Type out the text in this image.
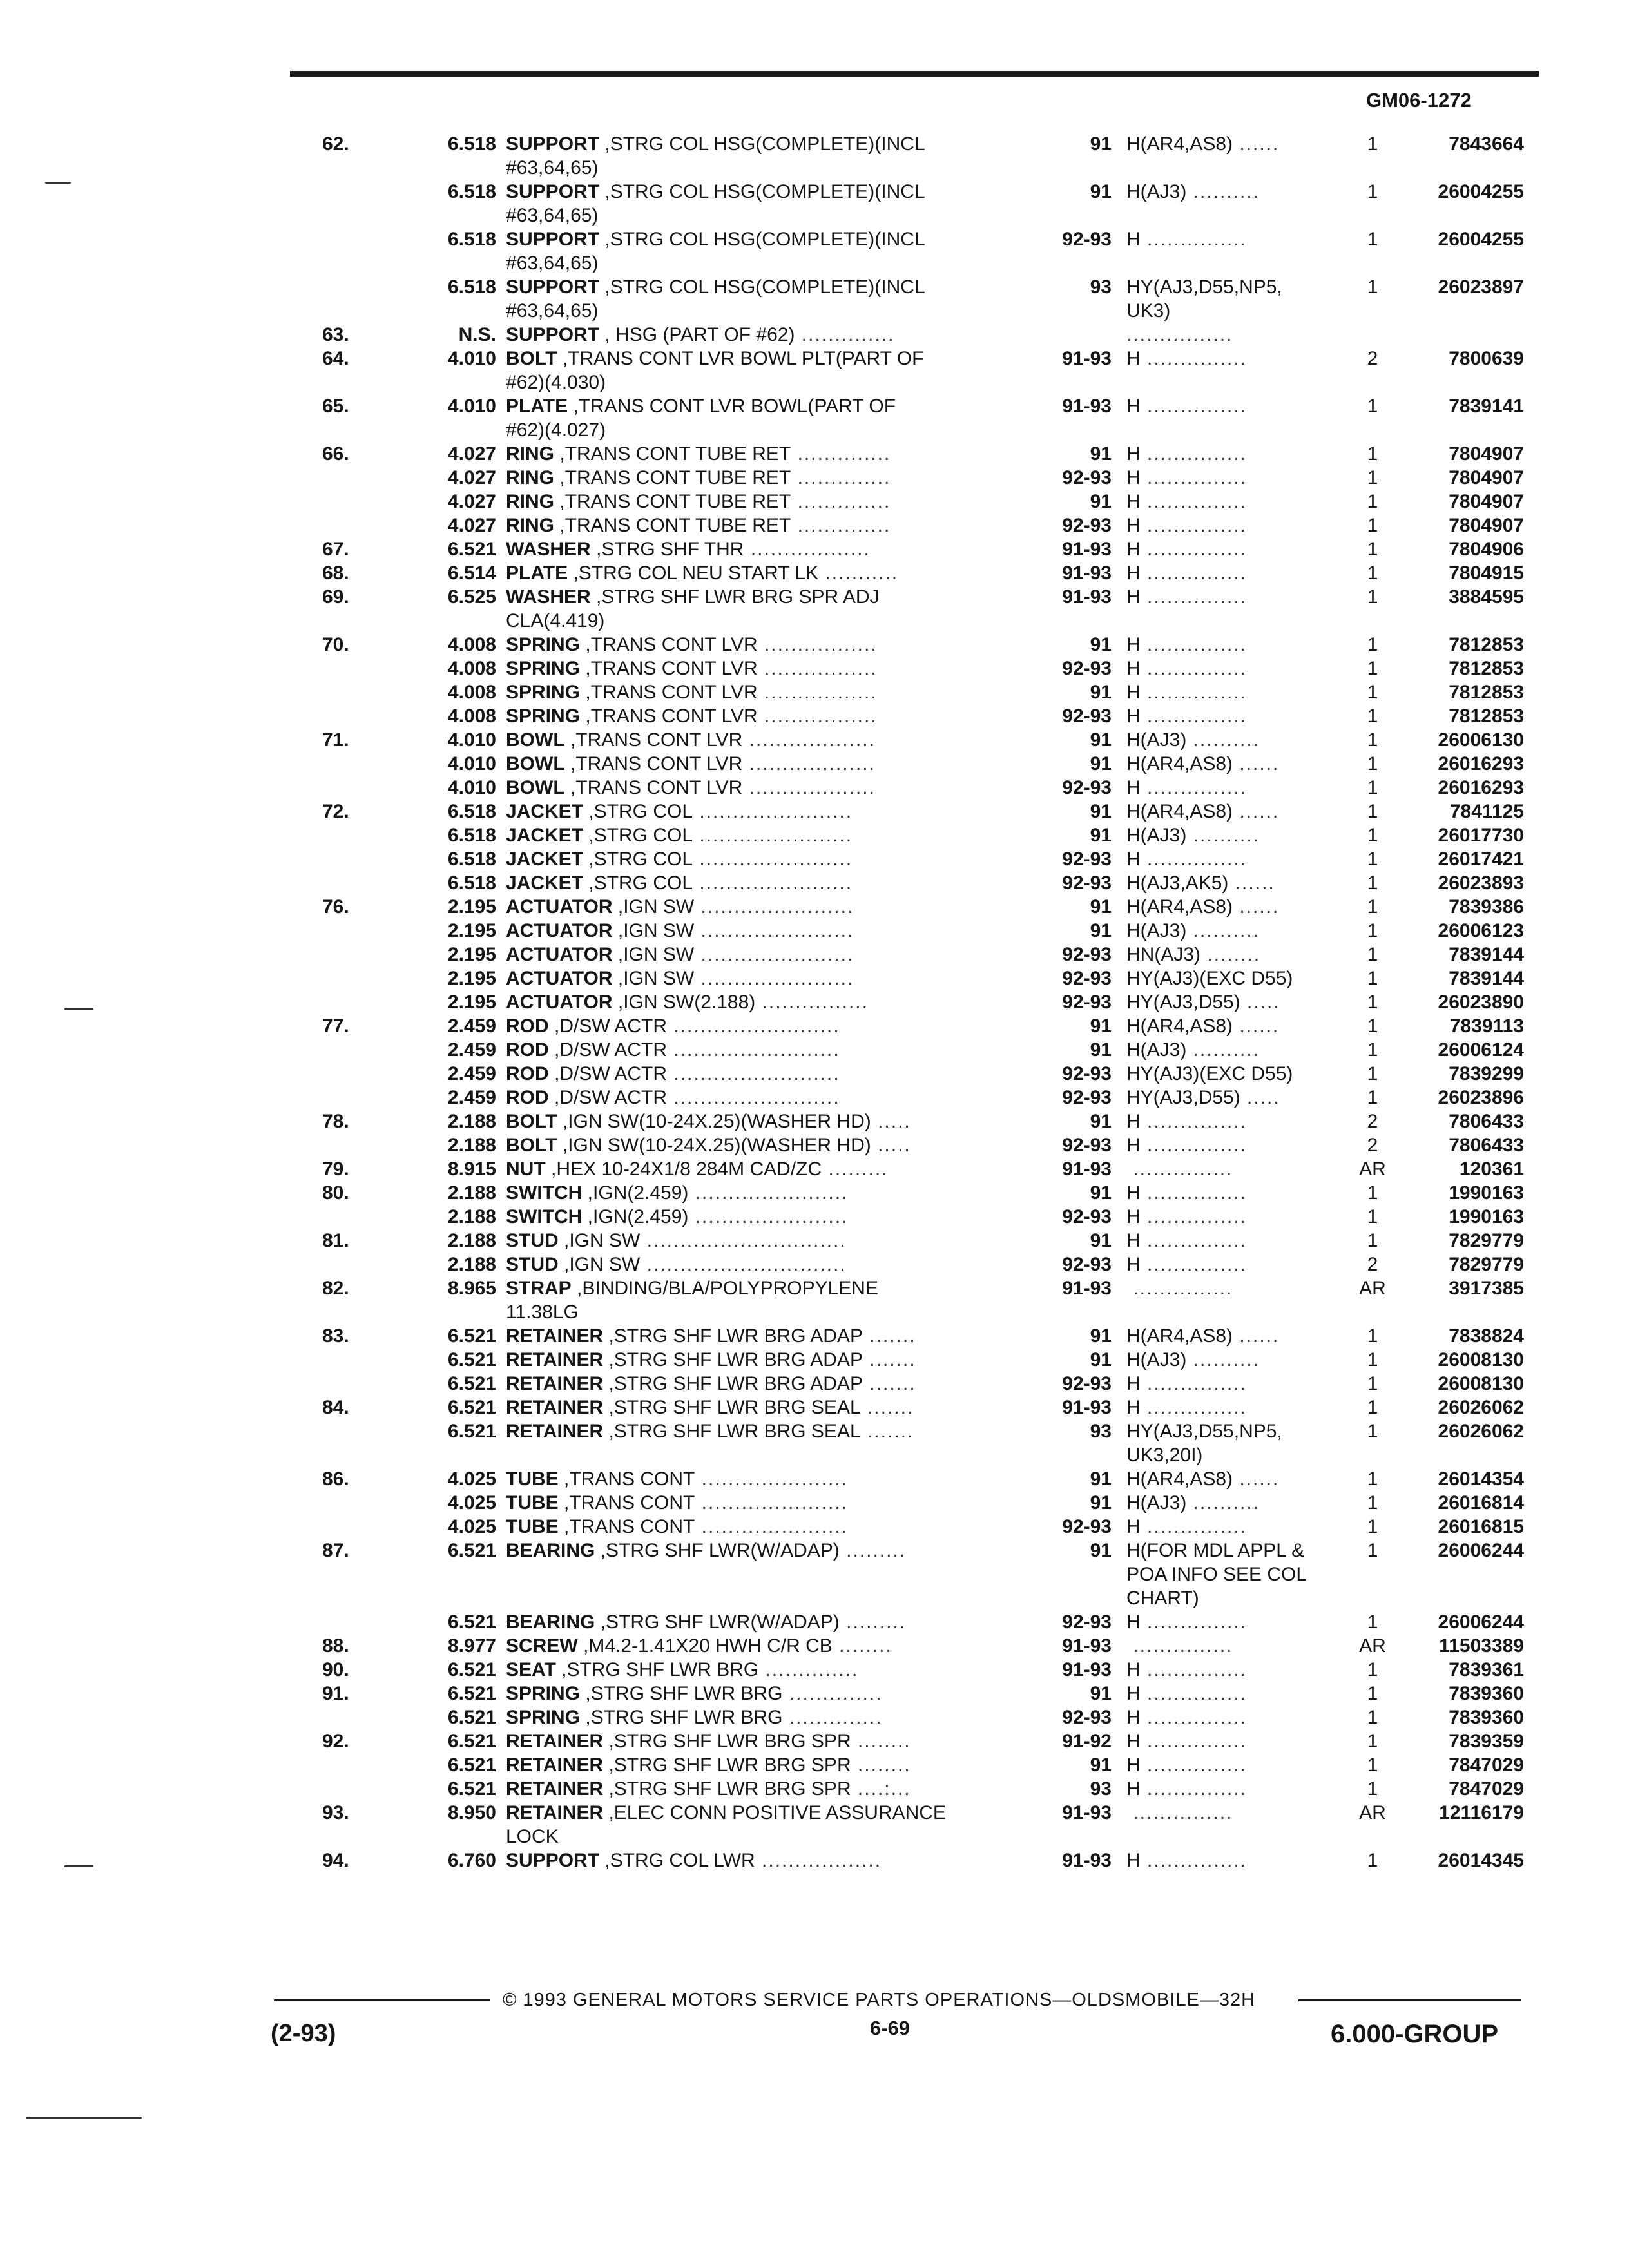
GM06-1272
62.	6.518 SUPPORT ,STRG COL HSG(COMPLETE)(INCL
#63,64,65)
91 H(AR4,AS8) ......	1	7843664
6.518 SUPPORT ,STRG COL HSG(COMPLETE)(INCL
#63,64,65)
91 H(AJ3) ..........	1	26004255
6.518 SUPPORT ,STRG COL HSG(COMPLETE)(INCL
#63,64,65)
92-93 H ...............	1	26004255
6.518 SUPPORT ,STRG COL HSG(COMPLETE)(INCL
#63,64,65)
93 HY(AJ3,D55,NP5,
UK3)
1	26023897
63.	N.S. SUPPORT , HSG (PART OF #62) ..............	................
64.	4.010 BOLT ,TRANS CONT LVR BOWL PLT(PART OF
#62)(4.030)
91-93 H ...............	2	7800639
65.	4.010 PLATE ,TRANS CONT LVR BOWL(PART OF
#62)(4.027)
91-93 H ...............	1	7839141
66.	4.027 RING ,TRANS CONT TUBE RET ..............	91 H ...............	1	7804907
4.027 RING ,TRANS CONT TUBE RET ..............	92-93 H ...............	1	7804907
4.027 RING ,TRANS CONT TUBE RET ..............	91 H ...............	1	7804907
4.027 RING ,TRANS CONT TUBE RET ..............	92-93 H ...............	1	7804907
67.	6.521 WASHER ,STRG SHF THR ..................	91-93 H ...............	1	7804906
68.	6.514 PLATE ,STRG COL NEU START LK ...........	91-93 H ...............	1	7804915
69.	6.525 WASHER ,STRG SHF LWR BRG SPR ADJ
CLA(4.419)
91-93 H ...............	1	3884595
70.	4.008 SPRING ,TRANS CONT LVR .................	91 H ...............	1	7812853
4.008 SPRING ,TRANS CONT LVR .................	92-93 H ...............	1	7812853
4.008 SPRING ,TRANS CONT LVR .................	91 H ...............	1	7812853
4.008 SPRING ,TRANS CONT LVR .................	92-93 H ...............	1	7812853
71.	4.010 BOWL ,TRANS CONT LVR ...................	91 H(AJ3) ..........	1	26006130
4.010 BOWL ,TRANS CONT LVR ...................	91 H(AR4,AS8) ......	1	26016293
4.010 BOWL ,TRANS CONT LVR ...................	92-93 H ...............	1	26016293
72.	6.518 JACKET ,STRG COL .......................	91 H(AR4,AS8) ......	1	7841125
6.518 JACKET ,STRG COL .......................	91 H(AJ3) ..........	1	26017730
6.518 JACKET ,STRG COL .......................	92-93 H ...............	1	26017421
6.518 JACKET ,STRG COL .......................	92-93 H(AJ3,AK5) ......	1	26023893
76.	2.195 ACTUATOR ,IGN SW .......................	91 H(AR4,AS8) ......	1	7839386
2.195 ACTUATOR ,IGN SW .......................	91 H(AJ3) ..........	1	26006123
2.195 ACTUATOR ,IGN SW .......................	92-93 HN(AJ3) ........	1	7839144
2.195 ACTUATOR ,IGN SW .......................	92-93 HY(AJ3)(EXC D55)	1	7839144
2.195 ACTUATOR ,IGN SW(2.188) ................	92-93 HY(AJ3,D55) .....	1	26023890
77.	2.459 ROD ,D/SW ACTR .........................	91 H(AR4,AS8) ......	1	7839113
2.459 ROD ,D/SW ACTR .........................	91 H(AJ3) ..........	1	26006124
2.459 ROD ,D/SW ACTR .........................	92-93 HY(AJ3)(EXC D55)	1	7839299
2.459 ROD ,D/SW ACTR .........................	92-93 HY(AJ3,D55) .....	1	26023896
78.	2.188 BOLT ,IGN SW(10-24X.25)(WASHER HD) .....	91 H ...............	2	7806433
2.188 BOLT ,IGN SW(10-24X.25)(WASHER HD) .....	92-93 H ...............	2	7806433
79.	8.915 NUT ,HEX 10-24X1/8 284M CAD/ZC .........	91-93 ...............	AR	120361
80.	2.188 SWITCH ,IGN(2.459) .......................	91 H ...............	1	1990163
2.188 SWITCH ,IGN(2.459) .......................	92-93 H ...............	1	1990163
81.	2.188 STUD ,IGN SW ..............................	91 H ...............	1	7829779
2.188 STUD ,IGN SW ..............................	92-93 H ...............	2	7829779
82.	8.965 STRAP ,BINDING/BLA/POLYPROPYLENE
11.38LG
91-93 ...............	AR	3917385
83.	6.521 RETAINER ,STRG SHF LWR BRG ADAP .......	91 H(AR4,AS8) ......	1	7838824
6.521 RETAINER ,STRG SHF LWR BRG ADAP .......	91 H(AJ3) ..........	1	26008130
6.521 RETAINER ,STRG SHF LWR BRG ADAP .......	92-93 H ...............	1	26008130
84.	6.521 RETAINER ,STRG SHF LWR BRG SEAL .......	91-93 H ...............	1	26026062
6.521 RETAINER ,STRG SHF LWR BRG SEAL .......	93 HY(AJ3,D55,NP5,
UK3,20I)
1	26026062
86.	4.025 TUBE ,TRANS CONT ......................	91 H(AR4,AS8) ......	1	26014354
4.025 TUBE ,TRANS CONT ......................	91 H(AJ3) ..........	1	26016814
4.025 TUBE ,TRANS CONT ......................	92-93 H ...............	1	26016815
87.	6.521 BEARING ,STRG SHF LWR(W/ADAP) .........	91 H(FOR MDL APPL &
POA INFO SEE COL
CHART)
1	26006244
6.521 BEARING ,STRG SHF LWR(W/ADAP) .........	92-93 H ...............	1	26006244
88.	8.977 SCREW ,M4.2-1.41X20 HWH C/R CB ........	91-93 ...............	AR	11503389
90.	6.521 SEAT ,STRG SHF LWR BRG ..............	91-93 H ...............	1	7839361
91.	6.521 SPRING ,STRG SHF LWR BRG ..............	91 H ...............	1	7839360
6.521 SPRING ,STRG SHF LWR BRG ..............	92-93 H ...............	1	7839360
92.	6.521 RETAINER ,STRG SHF LWR BRG SPR ........	91-92 H ...............	1	7839359
6.521 RETAINER ,STRG SHF LWR BRG SPR ........	91 H ...............	1	7847029
6.521 RETAINER ,STRG SHF LWR BRG SPR ....:...	93 H ...............	1	7847029
93.	8.950 RETAINER ,ELEC CONN POSITIVE ASSURANCE
LOCK
91-93 ...............	AR	12116179
94.	6.760 SUPPORT ,STRG COL LWR ..................	91-93 H ...............	1	26014345
© 1993 GENERAL MOTORS SERVICE PARTS OPERATIONS—OLDSMOBILE—32H
(2-93)	6-69	6.000-GROUP
